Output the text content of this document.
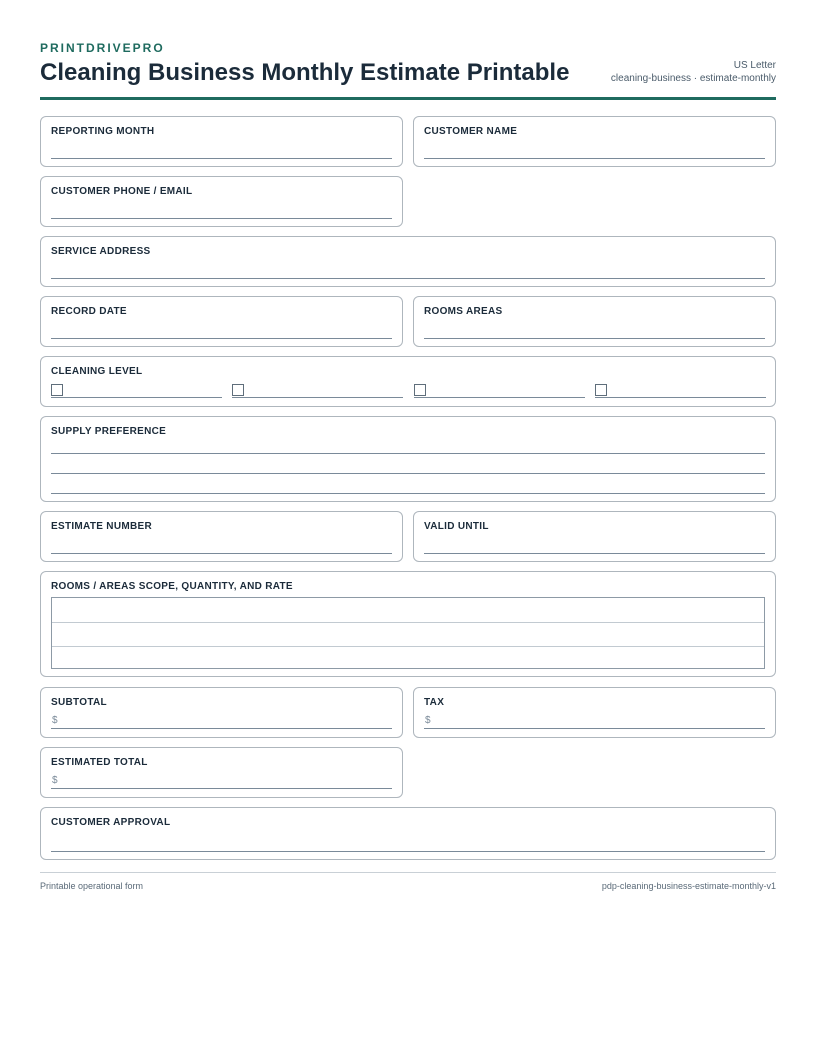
PRINTDRIVEPRO
Cleaning Business Monthly Estimate Printable	US Letter
cleaning-business · estimate-monthly
REPORTING MONTH	CUSTOMER NAME
CUSTOMER PHONE / EMAIL
SERVICE ADDRESS
RECORD DATE	ROOMS AREAS
CLEANING LEVEL
SUPPLY PREFERENCE
ESTIMATE NUMBER	VALID UNTIL
ROOMS / AREAS SCOPE, QUANTITY, AND RATE
SUBTOTAL
$
TAX
$
ESTIMATED TOTAL
$
CUSTOMER APPROVAL
Printable operational form	pdp-cleaning-business-estimate-monthly-v1
